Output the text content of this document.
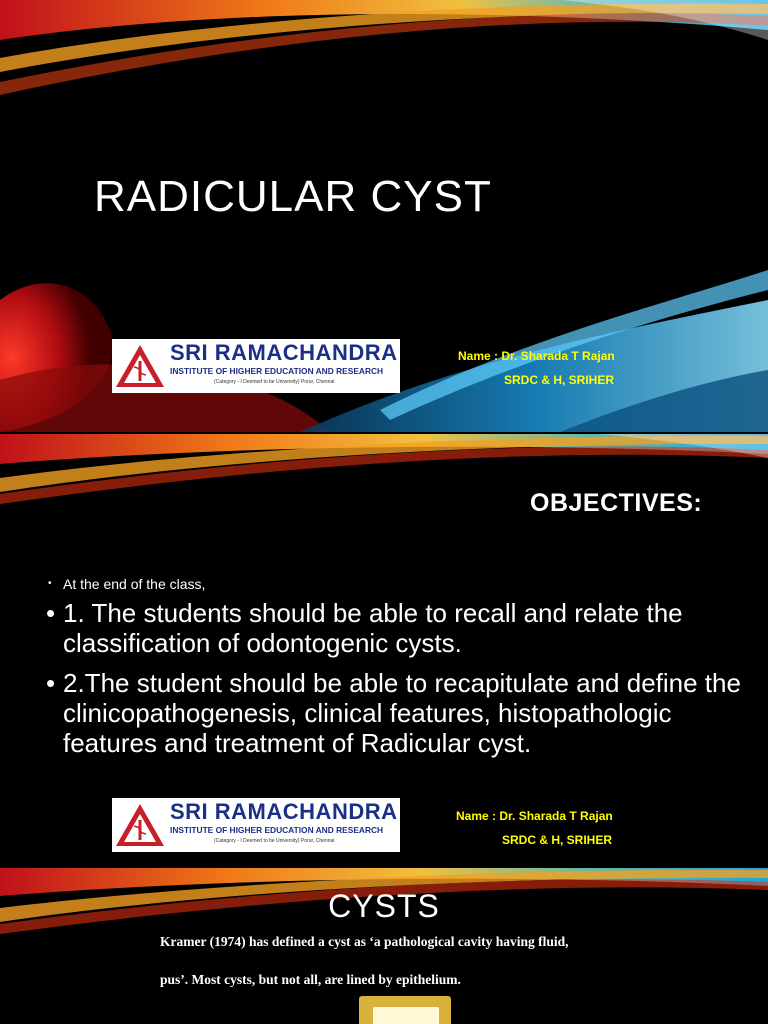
RADICULAR CYST
SRI RAMACHANDRA
INSTITUTE OF HIGHER EDUCATION AND RESEARCH
(Category - I Deemed to be University) Porur, Chennai
Name : Dr. Sharada T Rajan
SRDC & H, SRIHER
OBJECTIVES:
• At the end of the class,
• 1. The students should be able to recall and relate the classification of odontogenic cysts.
• 2.The student should be able to recapitulate and define the clinicopathogenesis, clinical features, histopathologic features and treatment of Radicular cyst.
SRI RAMACHANDRA
INSTITUTE OF HIGHER EDUCATION AND RESEARCH
(Category - I Deemed to be University) Porur, Chennai
Name : Dr. Sharada T Rajan
SRDC & H, SRIHER
CYSTS

Kramer (1974) has defined a cyst as ‘a pathological cavity having fluid,

pus’. Most cysts, but not all, are lined by epithelium.
